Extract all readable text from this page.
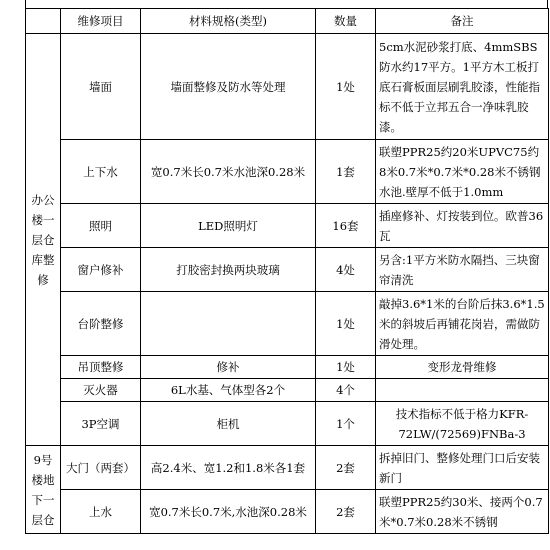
	维修项目	材料规格(类型)	数量	备注
办公楼一层仓库整修	墙面	墙面整修及防水等处理	1处	5cm水泥砂浆打底、4mmSBS防水约17平方。1平方木工板打底石膏板面层刷乳胶漆，性能指标不低于立邦五合一净味乳胶漆。
	上下水	宽0.7米长0.7米水池深0.28米	1套	联塑PPR25约20米UPVC75约8米0.7米*0.7米*0.28米不锈钢水池.壁厚不低于1.0mm
	照明	LED照明灯	16套	插座修补、灯按装到位。欧普36瓦
	窗户修补	打胶密封换两块玻璃	4处	另含:1平方米防水隔挡、三块窗帘清洗
	台阶整修		1处	敲掉3.6*1米的台阶后抹3.6*1.5米的斜坡后再铺花岗岩，需做防滑处理。
	吊顶整修	修补	1处	变形龙骨维修
	灭火器	6L水基、气体型各2个	4个	
	3P空调	柜机	1个	技术指标不低于格力KFR-72LW/(72569)FNBa-3
9号楼地下一层仓	大门（两套）	高2.4米、宽1.2和1.8米各1套	2套	拆掉旧门、整修处理门口后安装新门
	上水	宽0.7米长0.7米,水池深0.28米	2套	联塑PPR25约30米、接两个0.7米*0.7米0.28米不锈钢
